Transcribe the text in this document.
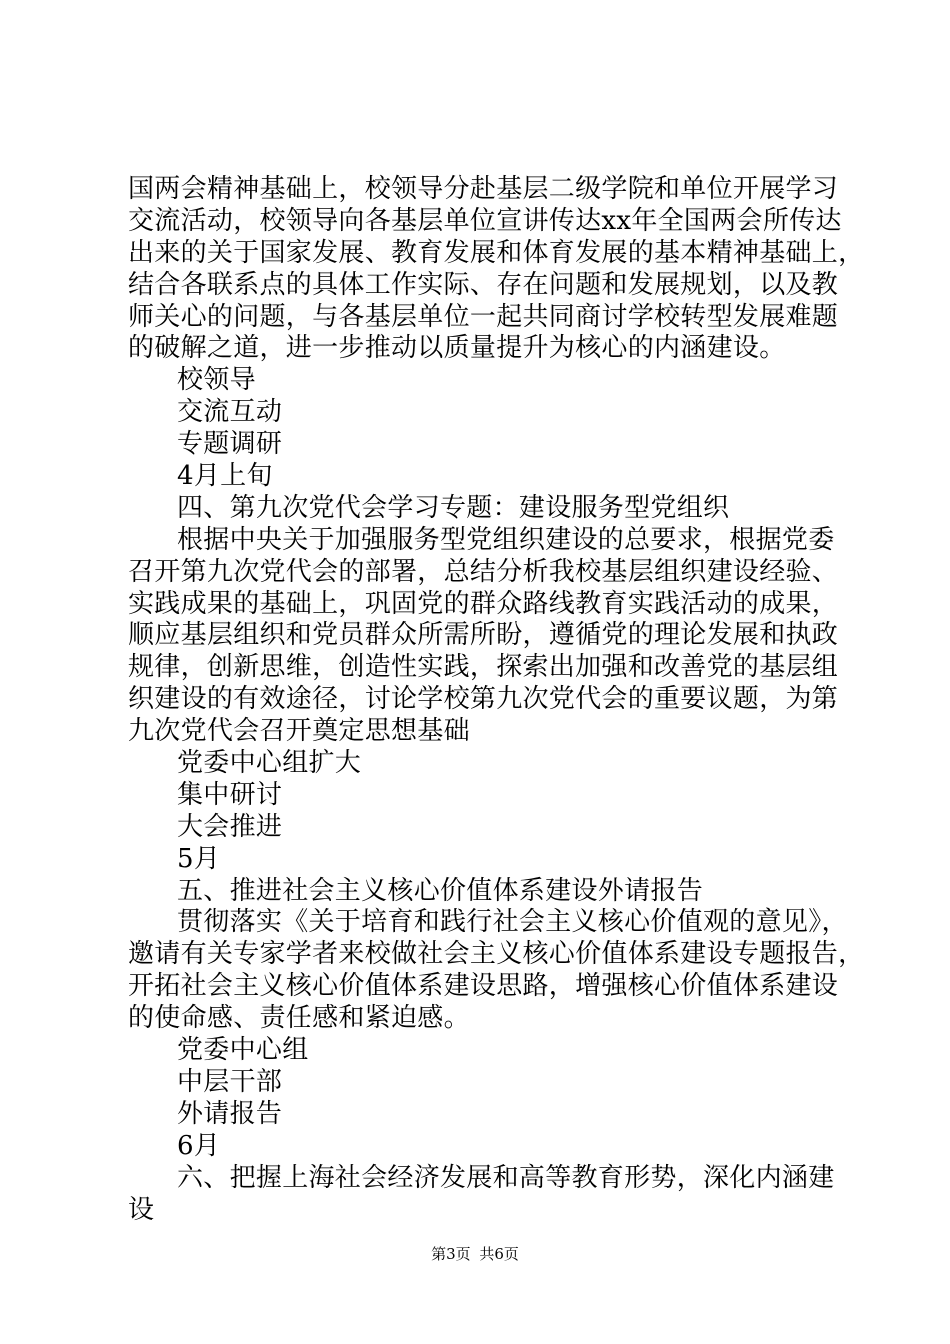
国两会精神基础上，校领导分赴基层二级学院和单位开展学习
交流活动，校领导向各基层单位宣讲传达xx年全国两会所传达
出来的关于国家发展、教育发展和体育发展的基本精神基础上，
结合各联系点的具体工作实际、存在问题和发展规划，以及教
师关心的问题，与各基层单位一起共同商讨学校转型发展难题
的破解之道，进一步推动以质量提升为核心的内涵建设。
校领导
交流互动
专题调研
4月上旬
四、第九次党代会学习专题：建设服务型党组织
根据中央关于加强服务型党组织建设的总要求，根据党委
召开第九次党代会的部署，总结分析我校基层组织建设经验、
实践成果的基础上，巩固党的群众路线教育实践活动的成果，
顺应基层组织和党员群众所需所盼，遵循党的理论发展和执政
规律，创新思维，创造性实践，探索出加强和改善党的基层组
织建设的有效途径，讨论学校第九次党代会的重要议题，为第
九次党代会召开奠定思想基础
党委中心组扩大
集中研讨
大会推进
5月
五、推进社会主义核心价值体系建设外请报告
贯彻落实《关于培育和践行社会主义核心价值观的意见》，
邀请有关专家学者来校做社会主义核心价值体系建设专题报告，
开拓社会主义核心价值体系建设思路，增强核心价值体系建设
的使命感、责任感和紧迫感。
党委中心组
中层干部
外请报告
6月
六、把握上海社会经济发展和高等教育形势，深化内涵建
设
第3页 共6页
